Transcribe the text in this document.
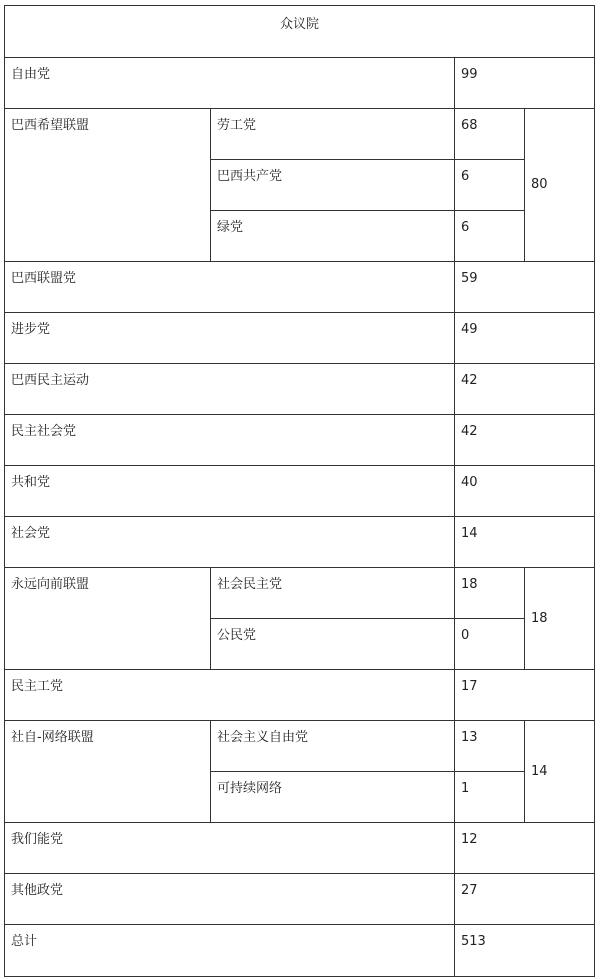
众议院			
自由党		99	
巴西希望联盟	劳工党	68	80
	巴西共产党	6	
	绿党	6	
巴西联盟党		59	
进步党		49	
巴西民主运动		42	
民主社会党		42	
共和党		40	
社会党		14	
永远向前联盟	社会民主党	18	18
	公民党	0	
民主工党		17	
社自-网络联盟	社会主义自由党	13	14
	可持续网络	1	
我们能党		12	
其他政党		27	
总计		513	
